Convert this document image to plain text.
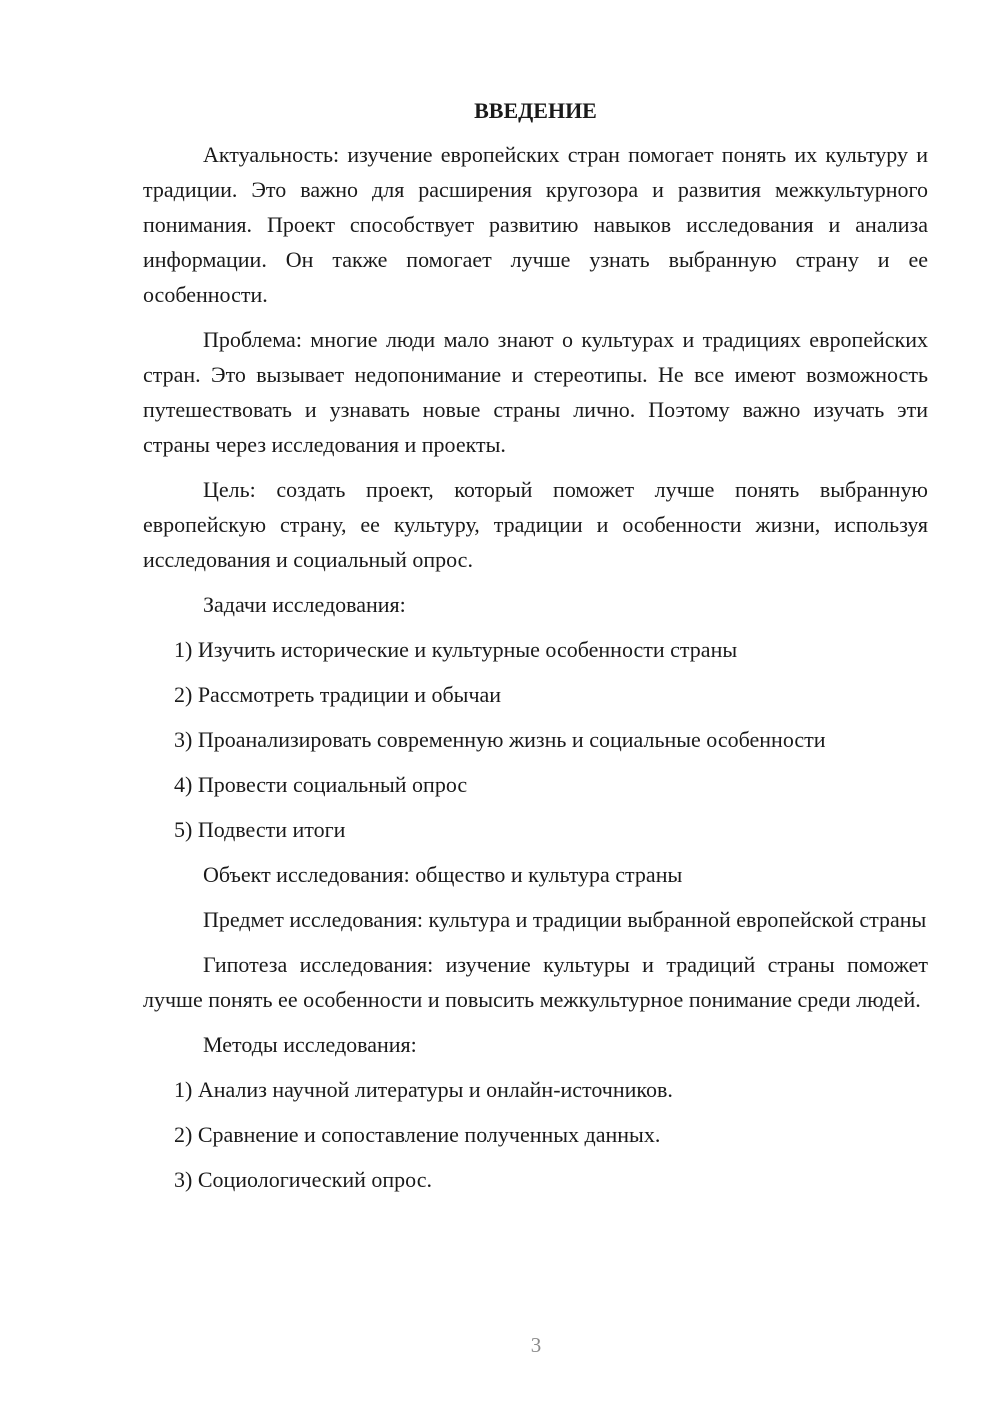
ВВЕДЕНИЕ

Актуальность: изучение европейских стран помогает понять их культуру и традиции. Это важно для расширения кругозора и развития межкультурного понимания. Проект способствует развитию навыков исследования и анализа информации. Он также помогает лучше узнать выбранную страну и ее особенности.

Проблема: многие люди мало знают о культурах и традициях европейских стран. Это вызывает недопонимание и стереотипы. Не все имеют возможность путешествовать и узнавать новые страны лично. Поэтому важно изучать эти страны через исследования и проекты.

Цель: создать проект, который поможет лучше понять выбранную европейскую страну, ее культуру, традиции и особенности жизни, используя исследования и социальный опрос.

Задачи исследования:

1) Изучить исторические и культурные особенности страны

2) Рассмотреть традиции и обычаи

3) Проанализировать современную жизнь и социальные особенности

4) Провести социальный опрос

5) Подвести итоги

Объект исследования: общество и культура страны

Предмет исследования: культура и традиции выбранной европейской страны

Гипотеза исследования: изучение культуры и традиций страны поможет лучше понять ее особенности и повысить межкультурное понимание среди людей.

Методы исследования:

1) Анализ научной литературы и онлайн-источников.

2) Сравнение и сопоставление полученных данных.

3) Социологический опрос.

3
